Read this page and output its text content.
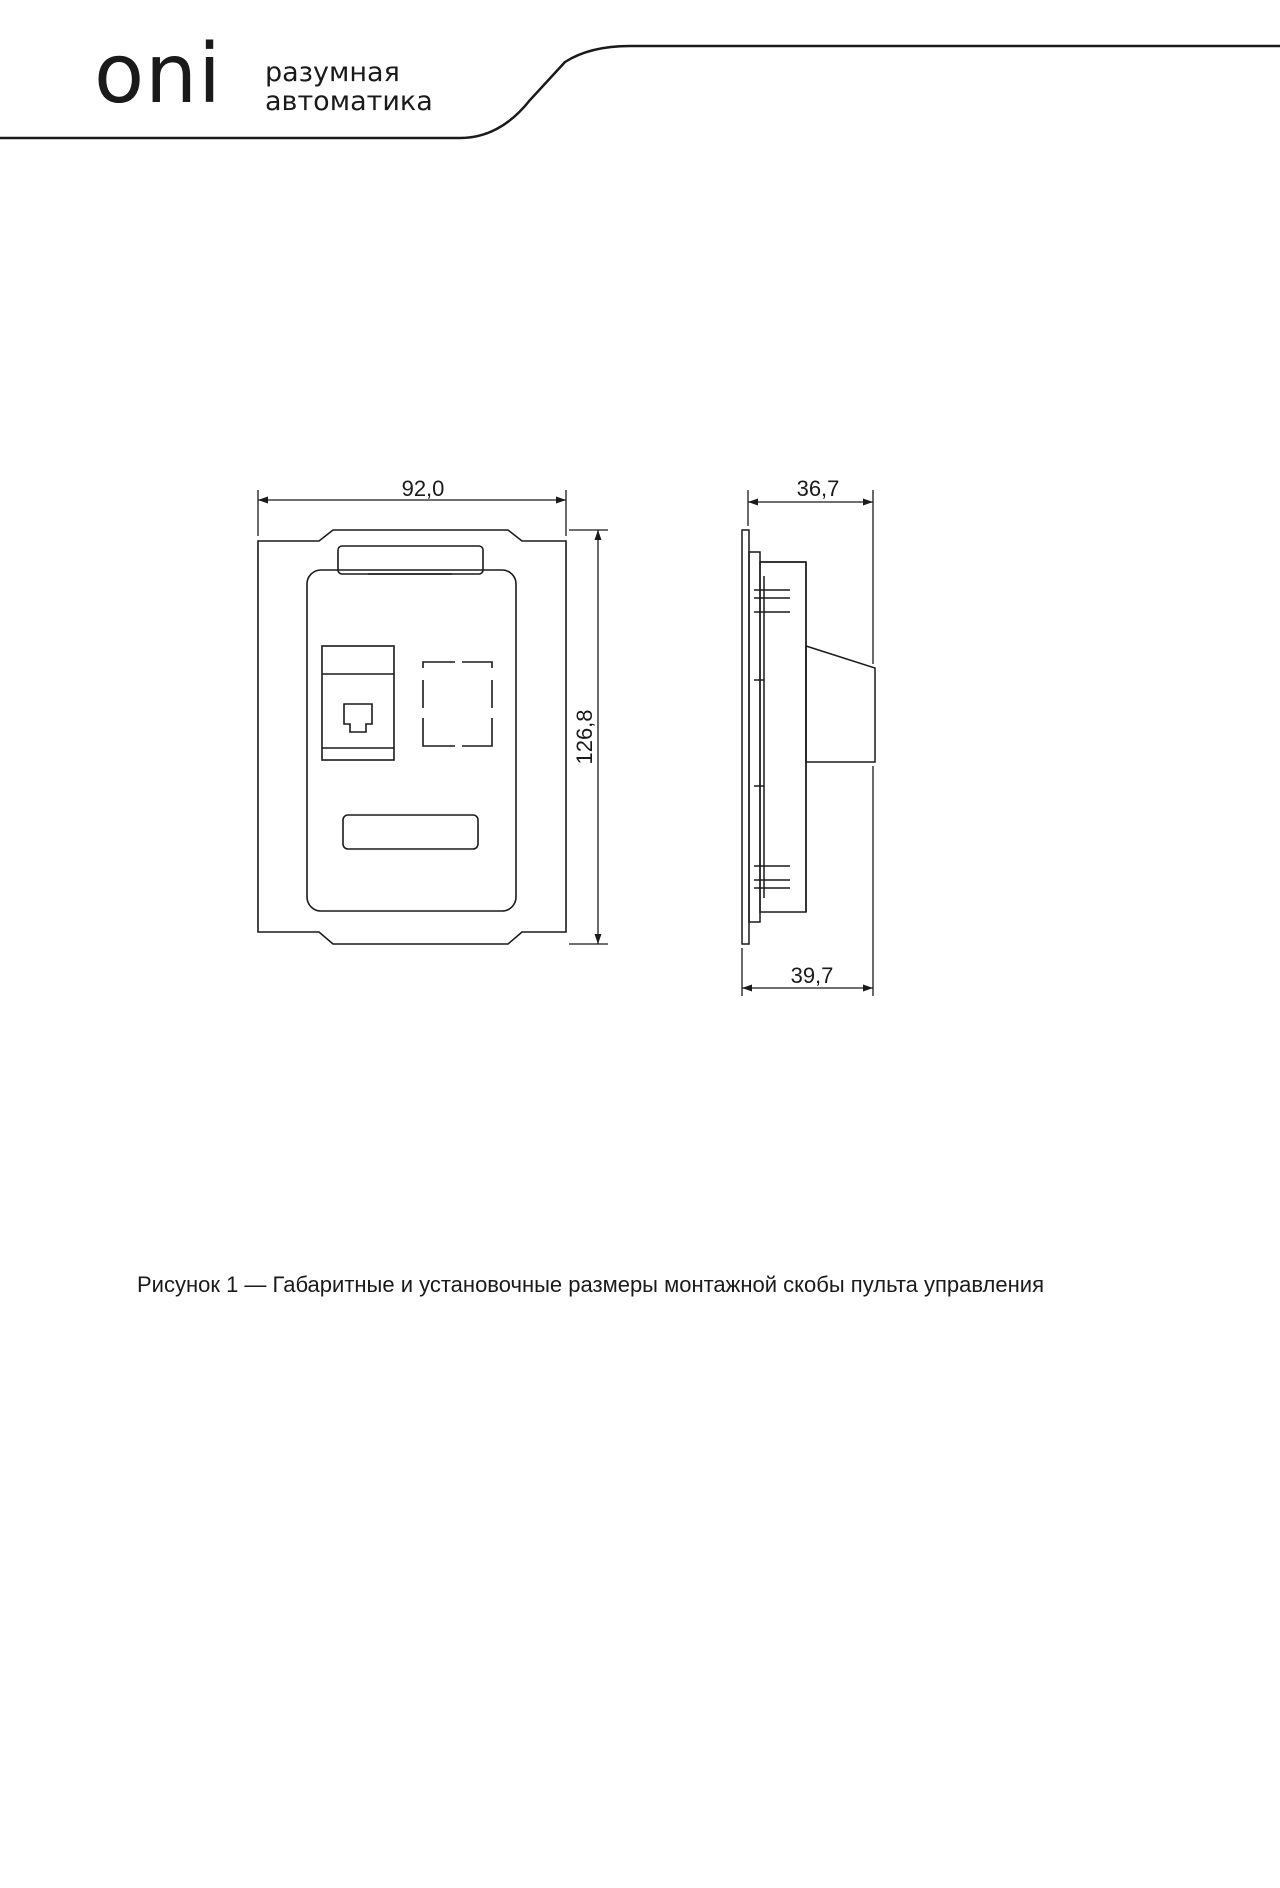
oni разумная
автоматика
92,0
126,8
36,7
39,7
Рисунок 1 — Габаритные и установочные размеры монтажной скобы пульта управления
